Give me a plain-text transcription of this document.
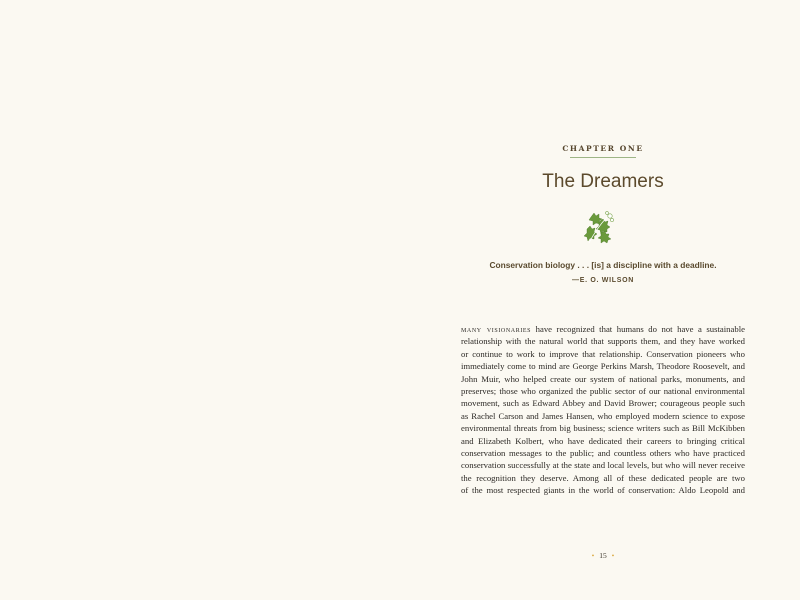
CHAPTER ONE
The Dreamers
Conservation biology . . . [is] a discipline with a deadline.
—E. O. WILSON
many visionaries have recognized that humans do not have a sustainable
relationship with the natural world that supports them, and they have worked
or continue to work to improve that relationship. Conservation pioneers who
immediately come to mind are George Perkins Marsh, Theodore Roosevelt, and
John Muir, who helped create our system of national parks, monuments, and
preserves; those who organized the public sector of our national environmental
movement, such as Edward Abbey and David Brower; courageous people such
as Rachel Carson and James Hansen, who employed modern science to expose
environmental threats from big business; science writers such as Bill McKibben
and Elizabeth Kolbert, who have dedicated their careers to bringing critical
conservation messages to the public; and countless others who have practiced
conservation successfully at the state and local levels, but who will never receive
the recognition they deserve. Among all of these dedicated people are two
of the most respected giants in the world of conservation: Aldo Leopold and
• 15 •
